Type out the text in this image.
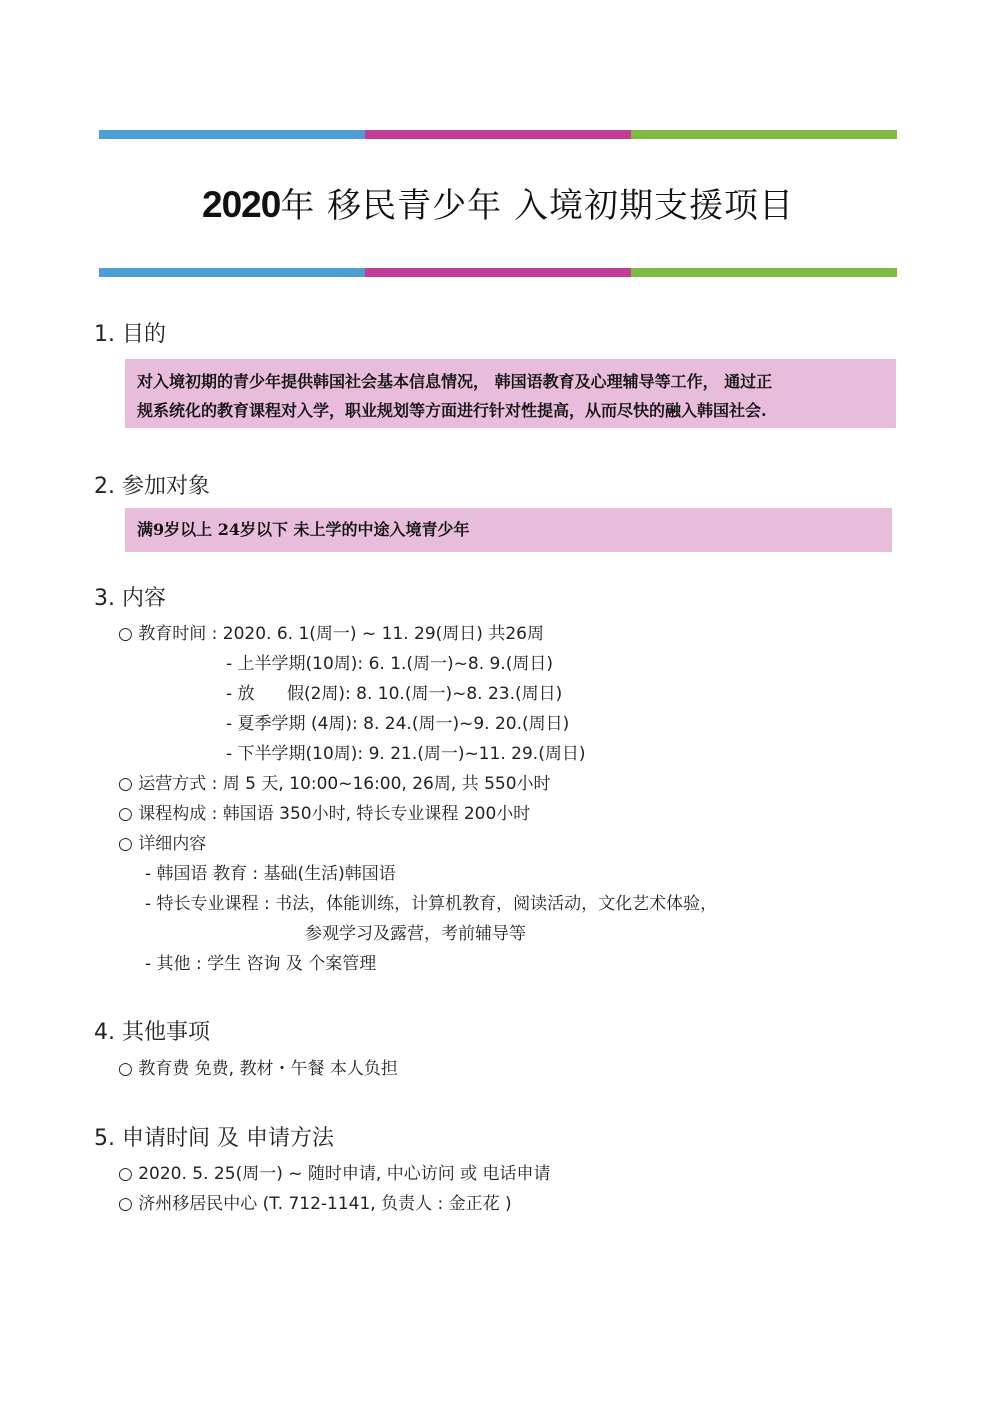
2020年 移民青少年 入境初期支援项目
1. 目的
对入境初期的青少年提供韩国社会基本信息情况， 韩国语教育及心理辅导等工作， 通过正
规系统化的教育课程对入学，职业规划等方面进行针对性提高，从而尽快的融入韩国社会.
2. 参加对象
满9岁以上 24岁以下 未上学的中途入境青少年
3. 内容
○ 教育时间 : 2020. 6. 1(周一) ~ 11. 29(周日) 共26周
- 上半学期(10周): 6. 1.(周一)~8. 9.(周日)
- 放      假(2周): 8. 10.(周一)~8. 23.(周日)
- 夏季学期 (4周): 8. 24.(周一)~9. 20.(周日)
- 下半学期(10周): 9. 21.(周一)~11. 29.(周日)
○ 运营方式 : 周 5 天, 10:00~16:00, 26周, 共 550小时
○ 课程构成 : 韩国语 350小时, 特长专业课程 200小时
○ 详细内容
- 韩国语 教育 : 基础(生活)韩国语
- 特长专业课程 : 书法，体能训练，计算机教育，阅读活动，文化艺术体验，
参观学习及露营，考前辅导等
- 其他 : 学生 咨询 及 个案管理
4. 其他事项
○ 教育费 免费, 教材・午餐 本人负担
5. 申请时间 及 申请方法
○ 2020. 5. 25(周一) ~ 随时申请, 中心访问 或 电话申请
○ 济州移居民中心 (T. 712-1141, 负责人 : 金正花 )
